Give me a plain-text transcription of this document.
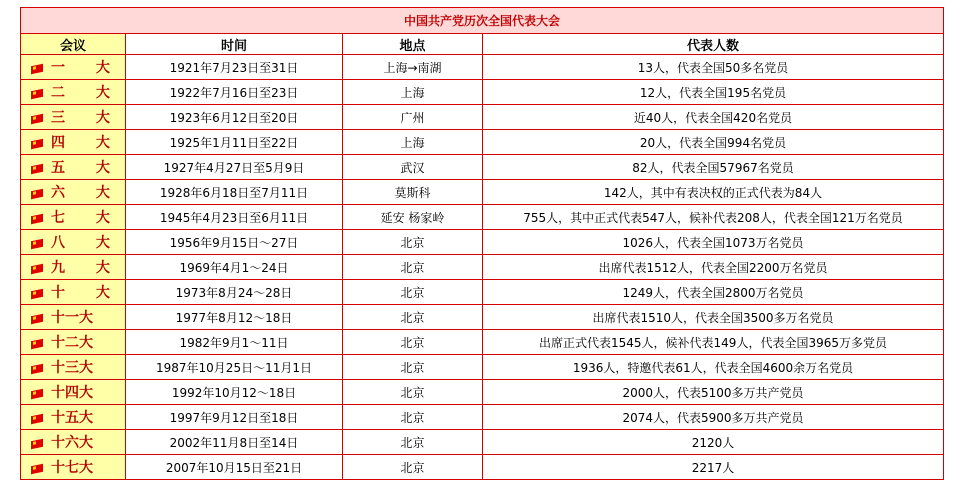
中国共产党历次全国代表大会			
会议	时间	地点	代表人数
一 大	1921年7月23日至31日	上海→南湖	13人，代表全国50多名党员
二 大	1922年7月16日至23日	上海	12人，代表全国195名党员
三 大	1923年6月12日至20日	广州	近40人，代表全国420名党员
四 大	1925年1月11日至22日	上海	20人，代表全国994名党员
五 大	1927年4月27日至5月9日	武汉	82人，代表全国57967名党员
六 大	1928年6月18日至7月11日	莫斯科	142人，其中有表决权的正式代表为84人
七 大	1945年4月23日至6月11日	延安 杨家岭	755人，其中正式代表547人，候补代表208人，代表全国121万名党员
八 大	1956年9月15日～27日	北京	1026人，代表全国1073万名党员
九 大	1969年4月1～24日	北京	出席代表1512人，代表全国2200万名党员
十 大	1973年8月24～28日	北京	1249人，代表全国2800万名党员
十一大	1977年8月12～18日	北京	出席代表1510人，代表全国3500多万名党员
十二大	1982年9月1～11日	北京	出席正式代表1545人，候补代表149人，代表全国3965万多党员
十三大	1987年10月25日～11月1日	北京	1936人，特邀代表61人，代表全国4600余万名党员
十四大	1992年10月12～18日	北京	2000人，代表5100多万共产党员
十五大	1997年9月12日至18日	北京	2074人，代表5900多万共产党员
十六大	2002年11月8日至14日	北京	2120人
十七大	2007年10月15日至21日	北京	2217人
